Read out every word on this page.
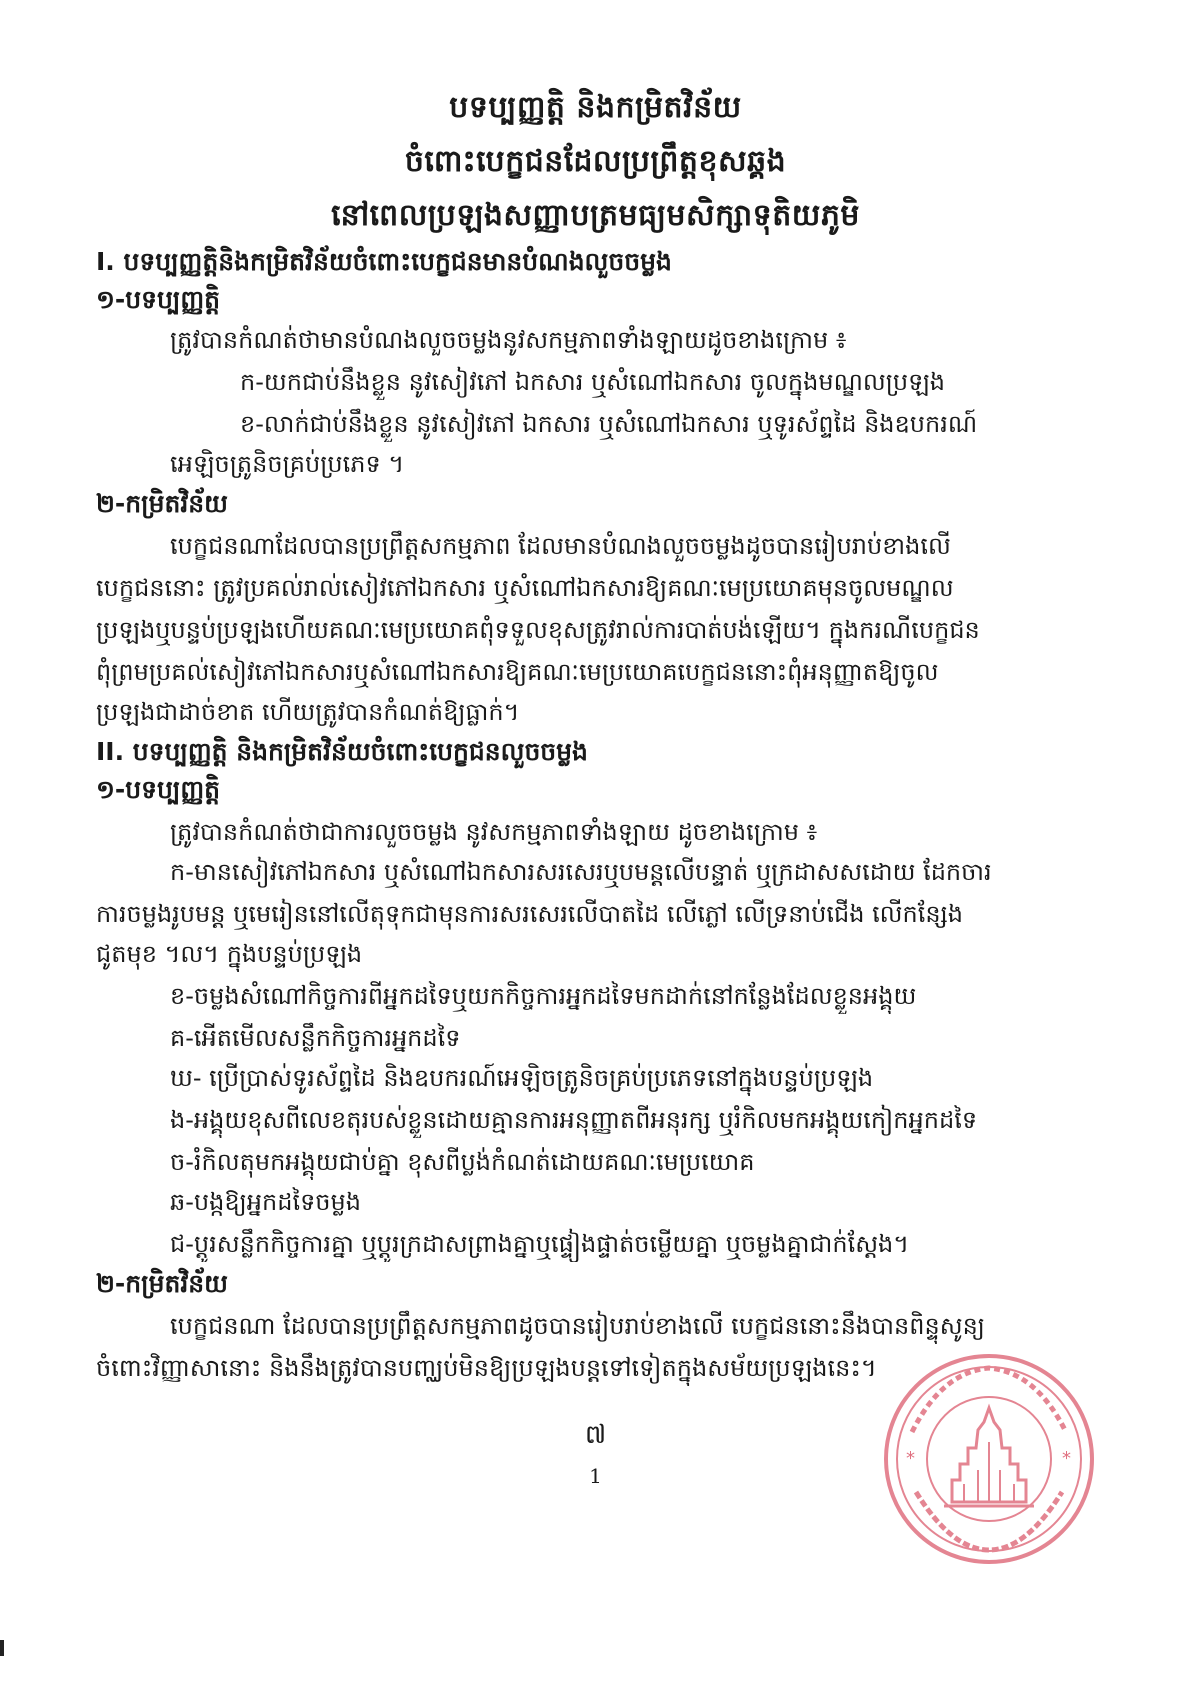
បទប្បញ្ញត្តិ និងកម្រិតវិន័យ
ចំពោះបេក្ខជនដែលប្រព្រឹត្តខុសឆ្គង
នៅពេលប្រឡងសញ្ញាបត្រមធ្យមសិក្សាទុតិយភូមិ
I. បទប្បញ្ញត្តិនិងកម្រិតវិន័យចំពោះបេក្ខជនមានបំណងលួចចម្លង
១-បទប្បញ្ញត្តិ
ត្រូវបានកំណត់ថាមានបំណងលួចចម្លងនូវសកម្មភាពទាំងឡាយដូចខាងក្រោម ៖
ក-យកជាប់នឹងខ្លួន នូវសៀវភៅ ឯកសារ ឬសំណៅឯកសារ ចូលក្នុងមណ្ឌលប្រឡង
ខ-លាក់ជាប់នឹងខ្លួន នូវសៀវភៅ ឯកសារ ឬសំណៅឯកសារ ឬទូរស័ព្ទដៃ និងឧបករណ៍
អេឡិចត្រូនិចគ្រប់ប្រភេទ ។
២-កម្រិតវិន័យ
បេក្ខជនណាដែលបានប្រព្រឹត្តសកម្មភាព ដែលមានបំណងលួចចម្លងដូចបានរៀបរាប់ខាងលើ
បេក្ខជននោះ ត្រូវប្រគល់រាល់សៀវភៅឯកសារ ឬសំណៅឯកសារឱ្យគណៈមេប្រយោគមុនចូលមណ្ឌល
ប្រឡងឬបន្ទប់ប្រឡងហើយគណៈមេប្រយោគពុំទទួលខុសត្រូវរាល់ការបាត់បង់ឡើយ។ ក្នុងករណីបេក្ខជន
ពុំព្រមប្រគល់សៀវភៅឯកសារឬសំណៅឯកសារឱ្យគណៈមេប្រយោគបេក្ខជននោះពុំអនុញ្ញាតឱ្យចូល
ប្រឡងជាដាច់ខាត ហើយត្រូវបានកំណត់ឱ្យធ្លាក់។
II. បទប្បញ្ញត្តិ និងកម្រិតវិន័យចំពោះបេក្ខជនលួចចម្លង
១-បទប្បញ្ញត្តិ
ត្រូវបានកំណត់ថាជាការលួចចម្លង នូវសកម្មភាពទាំងឡាយ ដូចខាងក្រោម ៖
ក-មានសៀវភៅឯកសារ ឬសំណៅឯកសារសរសេរឬបមន្តលើបន្ទាត់ ឬក្រដាសសដោយ ដែកចារ
ការចម្លងរូបមន្ត ឬមេរៀននៅលើតុទុកជាមុនការសរសេរលើបាតដៃ លើភ្លៅ លើទ្រនាប់ជើង លើកន្សែង
ជូតមុខ ។ល។ ក្នុងបន្ទប់ប្រឡង
ខ-ចម្លងសំណៅកិច្ចការពីអ្នកដទៃឬយកកិច្ចការអ្នកដទៃមកដាក់នៅកន្លែងដែលខ្លួនអង្គុយ
គ-អើតមើលសន្លឹកកិច្ចការអ្នកដទៃ
ឃ- ប្រើប្រាស់ទូរស័ព្ទដៃ និងឧបករណ៍អេឡិចត្រូនិចគ្រប់ប្រភេទនៅក្នុងបន្ទប់ប្រឡង
ង-អង្គុយខុសពីលេខតុរបស់ខ្លួនដោយគ្មានការអនុញ្ញាតពីអនុរក្ស ឬរំកិលមកអង្គុយកៀកអ្នកដទៃ
ច-រំកិលតុមកអង្គុយជាប់គ្នា ខុសពីប្លង់កំណត់ដោយគណៈមេប្រយោគ
ឆ-បង្កឱ្យអ្នកដទៃចម្លង
ជ-ប្តូរសន្លឹកកិច្ចការគ្នា ឬប្តូរក្រដាសព្រាងគ្នាឬផ្ទៀងផ្ទាត់ចម្លើយគ្នា ឬចម្លងគ្នាជាក់ស្តែង។
២-កម្រិតវិន័យ
បេក្ខជនណា ដែលបានប្រព្រឹត្តសកម្មភាពដូចបានរៀបរាប់ខាងលើ បេក្ខជននោះនឹងបានពិន្ទុសូន្យ
ចំពោះវិញ្ញាសានោះ និងនឹងត្រូវបានបញ្ឈប់មិនឱ្យប្រឡងបន្តទៅទៀតក្នុងសម័យប្រឡងនេះ។
៧
1
*	*
